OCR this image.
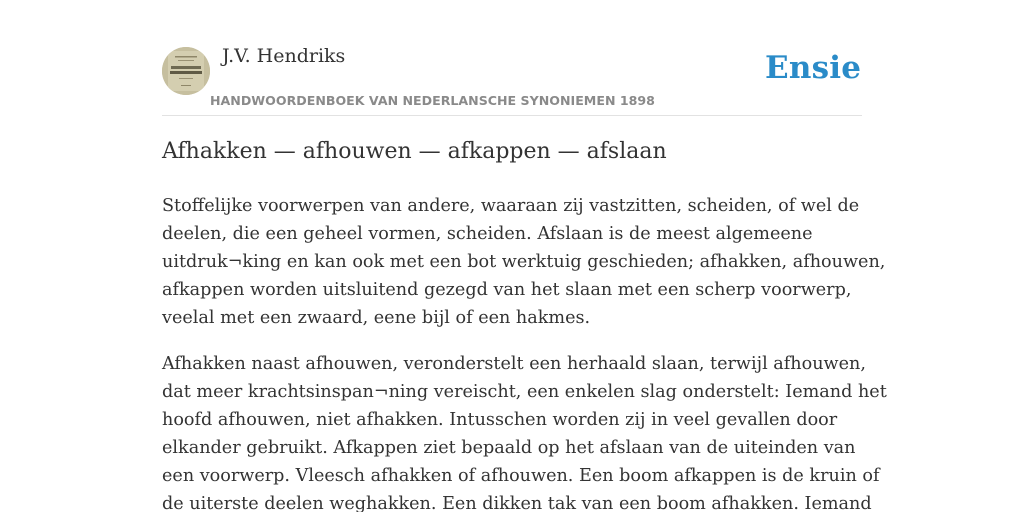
J.V. Hendriks	Ensie
HANDWOORDENBOEK VAN NEDERLANSCHE SYNONIEMEN 1898
Afhakken — afhouwen — afkappen — afslaan

Stoffelijke voorwerpen van andere, waaraan zij vastzitten, scheiden, of wel de
deelen, die een geheel vormen, scheiden. Afslaan is de meest algemeene
uitdruk¬king en kan ook met een bot werktuig geschieden; afhakken, afhouwen,
afkappen worden uitsluitend gezegd van het slaan met een scherp voorwerp,
veelal met een zwaard, eene bijl of een hakmes.

Afhakken naast afhouwen, veronderstelt een herhaald slaan, terwijl afhouwen,
dat meer krachtsinspan¬ning vereischt, een enkelen slag onderstelt: Iemand het
hoofd afhouwen, niet afhakken. Intusschen worden zij in veel gevallen door
elkander gebruikt. Afkappen ziet bepaald op het afslaan van de uiteinden van
een voorwerp. Vleesch afhakken of afhouwen. Een boom afkappen is de kruin of
de uiterste deelen weghakken. Een dikken tak van een boom afhakken. Iemand
